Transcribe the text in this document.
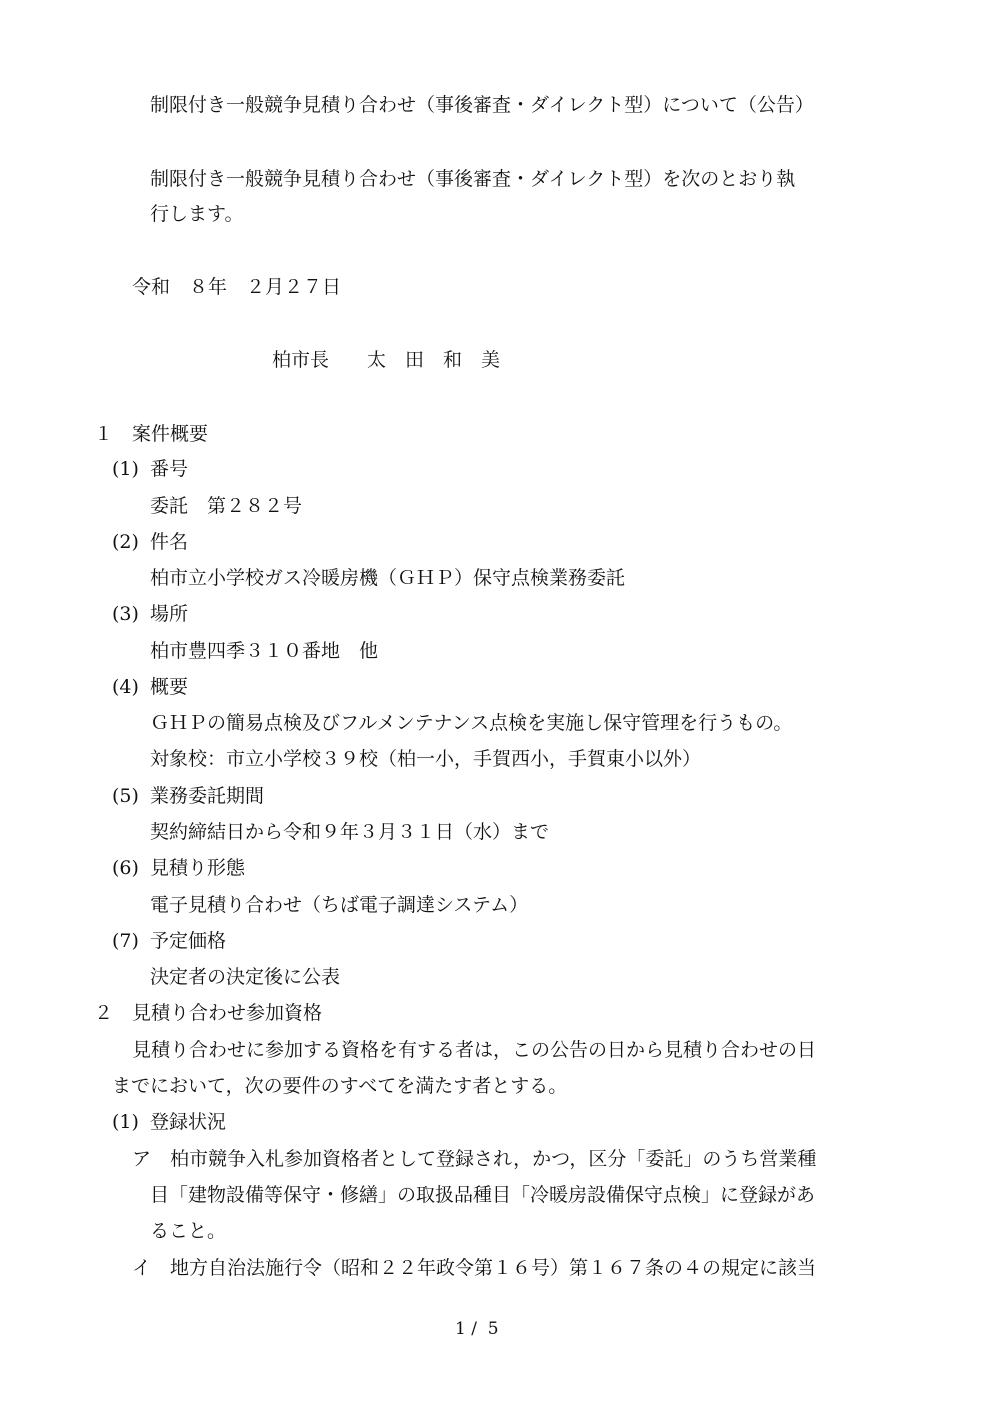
制限付き一般競争見積り合わせ（事後審査・ダイレクト型）について（公告）
制限付き一般競争見積り合わせ（事後審査・ダイレクト型）を次のとおり執
行します。
令和　８年　２月２７日
柏市長　　太　田　和　美
１ 案件概要
(1) 番号
委託　第２８２号
(2) 件名
柏市立小学校ガス冷暖房機（ＧＨＰ）保守点検業務委託
(3) 場所
柏市豊四季３１０番地　他
(4) 概要
ＧＨＰの簡易点検及びフルメンテナンス点検を実施し保守管理を行うもの。
対象校：市立小学校３９校（柏一小，手賀西小，手賀東小以外）
(5) 業務委託期間
契約締結日から令和９年３月３１日（水）まで
(6) 見積り形態
電子見積り合わせ（ちば電子調達システム）
(7) 予定価格
決定者の決定後に公表
２ 見積り合わせ参加資格
見積り合わせに参加する資格を有する者は，この公告の日から見積り合わせの日
までにおいて，次の要件のすべてを満たす者とする。
(1) 登録状況
ア 柏市競争入札参加資格者として登録され，かつ，区分「委託」のうち営業種
目「建物設備等保守・修繕」の取扱品種目「冷暖房設備保守点検」に登録があ
ること。
イ 地方自治法施行令（昭和２２年政令第１６号）第１６７条の４の規定に該当
1 /  5
